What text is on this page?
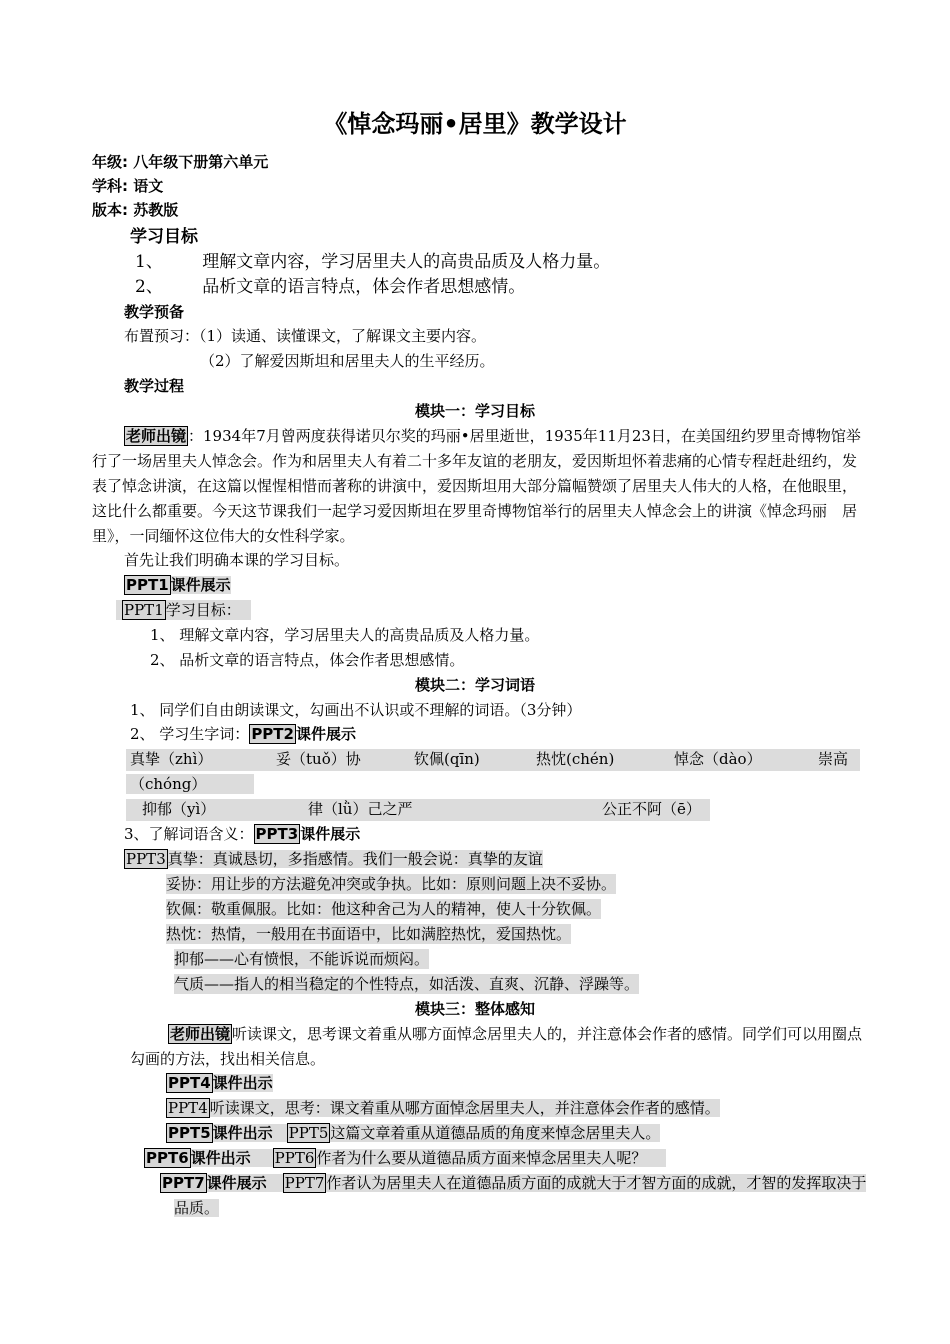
《悼念玛丽•居里》教学设计
年级: 八年级下册第六单元
学科: 语文
版本: 苏教版
学习目标
1、 理解文章内容，学习居里夫人的高贵品质及人格力量。
2、 品析文章的语言特点，体会作者思想感情。
教学预备
布置预习：（1）读通、读懂课文，了解课文主要内容。
（2）了解爱因斯坦和居里夫人的生平经历。
教学过程
模块一：学习目标
老师出镜 ：1934年7月曾两度获得诺贝尔奖的玛丽•居里逝世，1935年11月23日，在美国纽约罗里奇博物馆举行了一场居里夫人悼念会。作为和居里夫人有着二十多年友谊的老朋友，爱因斯坦怀着悲痛的心情专程赶赴纽约，发表了悼念讲演，在这篇以惺惺相惜而著称的讲演中，爱因斯坦用大部分篇幅赞颂了居里夫人伟大的人格，在他眼里，这比什么都重要。今天这节课我们一起学习爱因斯坦在罗里奇博物馆举行的居里夫人悼念会上的讲演《悼念玛丽　居里》，一同缅怀这位伟大的女性科学家。
首先让我们明确本课的学习目标。
PPT1 课件展示
PPT1 学习目标：
1、 理解文章内容，学习居里夫人的高贵品质及人格力量。
2、 品析文章的语言特点，体会作者思想感情。
模块二：学习词语
1、 同学们自由朗读课文，勾画出不认识或不理解的词语。（3分钟）
2、 学习生字词： PPT2 课件展示
真挚（zhì）	妥（tuǒ）协	钦佩(qīn)	热忱(chén)	悼念（dào）	崇高
（chóng）
抑郁（yì）	律（lǜ）己之严	公正不阿（ē）
3、了解词语含义： PPT3 课件展示
PPT3 真挚：真诚恳切，多指感情。我们一般会说：真挚的友谊
妥协：用让步的方法避免冲突或争执。比如：原则问题上决不妥协。
钦佩：敬重佩服。比如：他这种舍己为人的精神，使人十分钦佩。
热忱：热情，一般用在书面语中，比如满腔热忱，爱国热忱。
抑郁——心有愤恨，不能诉说而烦闷。
气质——指人的相当稳定的个性特点，如活泼、直爽、沉静、浮躁等。
模块三：整体感知
老师出镜 听读课文，思考课文着重从哪方面悼念居里夫人的，并注意体会作者的感情。同学们可以用圈点勾画的方法，找出相关信息。
PPT4 课件出示
PPT4 听读课文，思考：课文着重从哪方面悼念居里夫人，并注意体会作者的感情。
PPT5 课件出示 PPT5 这篇文章着重从道德品质的角度来悼念居里夫人。
PPT6 课件出示 PPT6 作者为什么要从道德品质方面来悼念居里夫人呢？
PPT7 课件展示 PPT7 作者认为居里夫人在道德品质方面的成就大于才智方面的成就，才智的发挥取决于品质。
